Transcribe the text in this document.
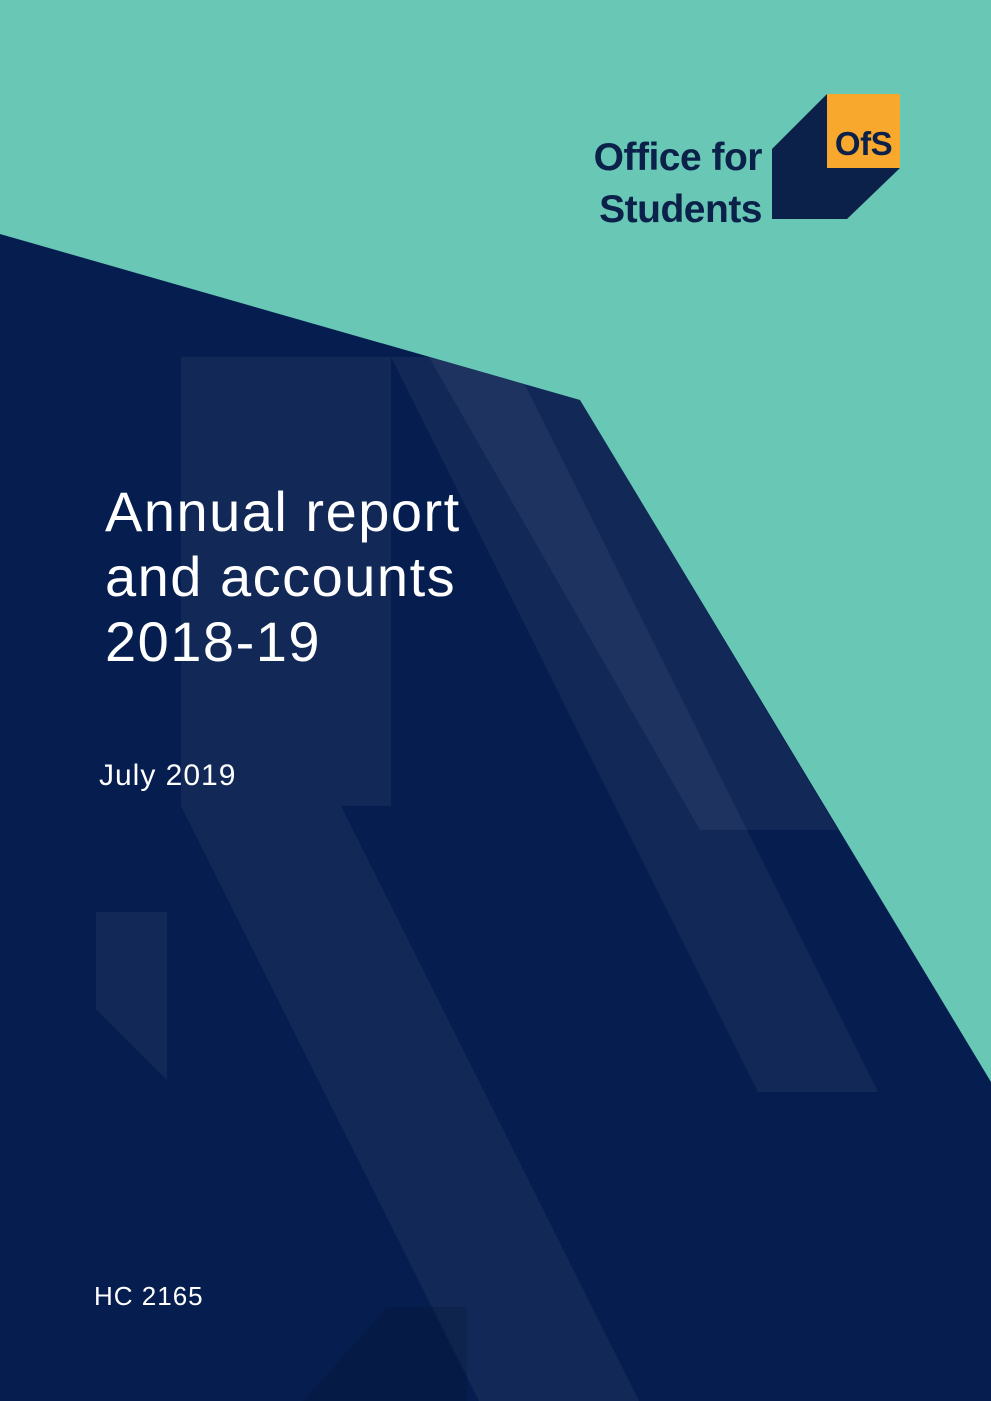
Office for
Students
OfS
Annual report
and accounts
2018-19
July 2019
HC 2165
